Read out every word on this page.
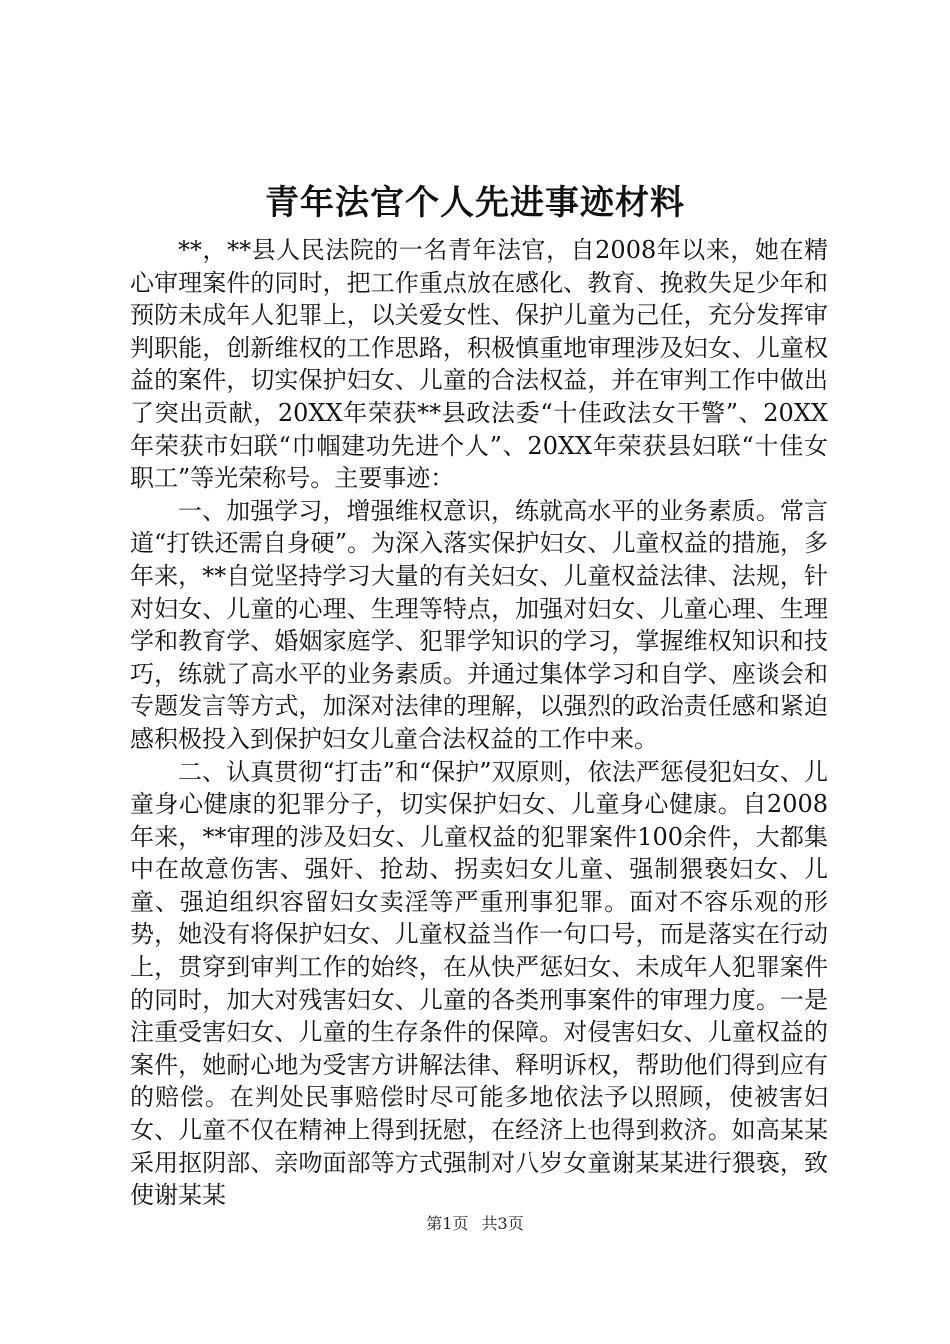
青年法官个人先进事迹材料

**，**县人民法院的一名青年法官，自2008年以来，她在精心审理案件的同时，把工作重点放在感化、教育、挽救失足少年和预防未成年人犯罪上，以关爱女性、保护儿童为己任，充分发挥审判职能，创新维权的工作思路，积极慎重地审理涉及妇女、儿童权益的案件，切实保护妇女、儿童的合法权益，并在审判工作中做出了突出贡献，20XX年荣获**县政法委“十佳政法女干警”、20XX年荣获市妇联“巾帼建功先进个人”、20XX年荣获县妇联“十佳女职工”等光荣称号。主要事迹：

一、加强学习，增强维权意识，练就高水平的业务素质。常言道“打铁还需自身硬”。为深入落实保护妇女、儿童权益的措施，多年来，**自觉坚持学习大量的有关妇女、儿童权益法律、法规，针对妇女、儿童的心理、生理等特点，加强对妇女、儿童心理、生理学和教育学、婚姻家庭学、犯罪学知识的学习，掌握维权知识和技巧，练就了高水平的业务素质。并通过集体学习和自学、座谈会和专题发言等方式，加深对法律的理解，以强烈的政治责任感和紧迫感积极投入到保护妇女儿童合法权益的工作中来。

二、认真贯彻“打击”和“保护”双原则，依法严惩侵犯妇女、儿童身心健康的犯罪分子，切实保护妇女、儿童身心健康。自2008年来，**审理的涉及妇女、儿童权益的犯罪案件100余件，大都集中在故意伤害、强奸、抢劫、拐卖妇女儿童、强制猥亵妇女、儿童、强迫组织容留妇女卖淫等严重刑事犯罪。面对不容乐观的形势，她没有将保护妇女、儿童权益当作一句口号，而是落实在行动上，贯穿到审判工作的始终，在从快严惩妇女、未成年人犯罪案件的同时，加大对残害妇女、儿童的各类刑事案件的审理力度。一是注重受害妇女、儿童的生存条件的保障。对侵害妇女、儿童权益的案件，她耐心地为受害方讲解法律、释明诉权，帮助他们得到应有的赔偿。在判处民事赔偿时尽可能多地依法予以照顾，使被害妇女、儿童不仅在精神上得到抚慰，在经济上也得到救济。如高某某采用抠阴部、亲吻面部等方式强制对八岁女童谢某某进行猥亵，致使谢某某

第1页 共3页
